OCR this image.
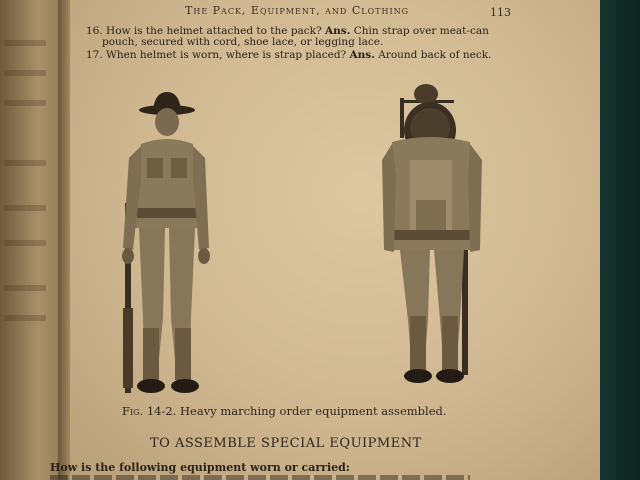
The Pack, Equipment, and Clothing	113
16. How is the helmet attached to the pack? Ans. Chin strap over meat-can
pouch, secured with cord, shoe lace, or legging lace.
17. When helmet is worn, where is strap placed? Ans. Around back of neck.
Fig. 14-2. Heavy marching order equipment assembled.
TO ASSEMBLE SPECIAL EQUIPMENT
How is the following equipment worn or carried:
